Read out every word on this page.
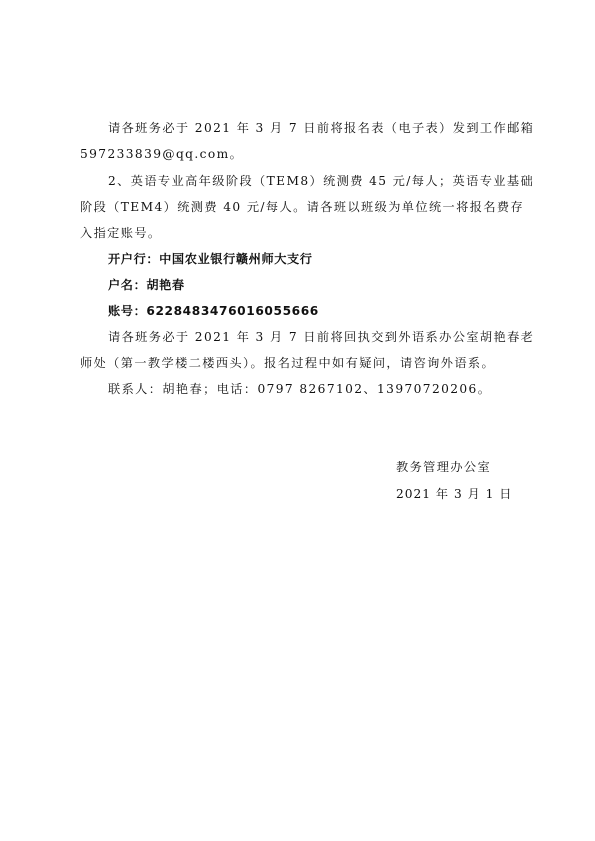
请各班务必于 2021 年 3 月 7 日前将报名表（电子表）发到工作邮箱
597233839@qq.com。
2、英语专业高年级阶段（TEM8）统测费 45 元/每人；英语专业基础
阶段（TEM4）统测费 40 元/每人。请各班以班级为单位统一将报名费存
入指定账号。
开户行：中国农业银行赣州师大支行
户名：胡艳春
账号：6228483476016055666
请各班务必于 2021 年 3 月 7 日前将回执交到外语系办公室胡艳春老
师处（第一教学楼二楼西头）。报名过程中如有疑问，请咨询外语系。
联系人：胡艳春；电话：0797 8267102、13970720206。
教务管理办公室
2021 年 3 月 1 日
